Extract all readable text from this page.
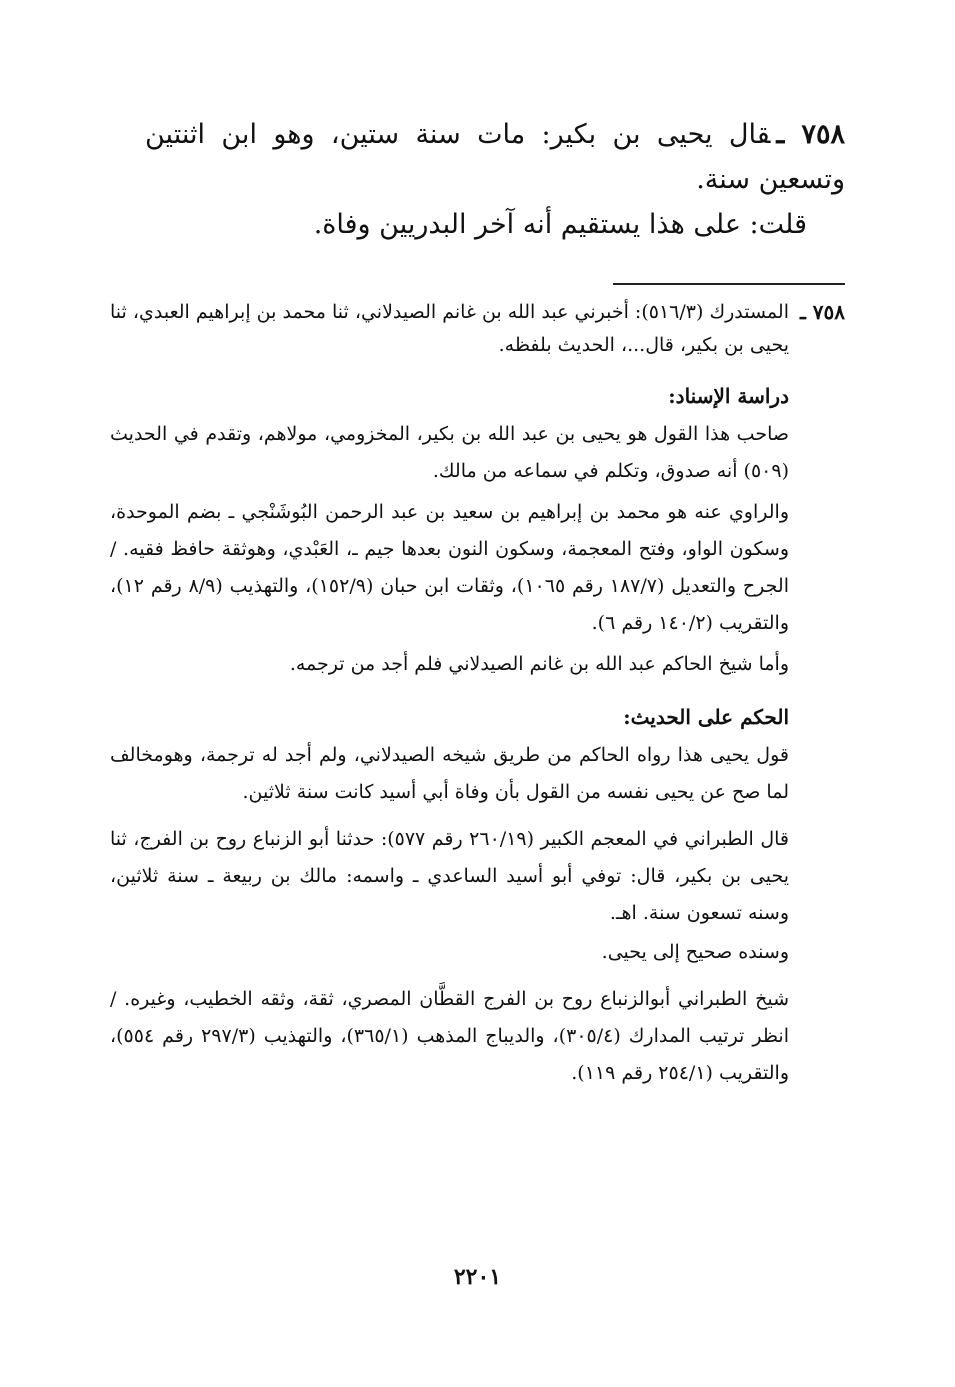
٧٥٨ ـقال يحيى بن بكير: مات سنة ستين، وهو ابن اثنتين وتسعين سنة.
قلت: على هذا يستقيم أنه آخر البدريين وفاة.
٧٥٨ ـ
المستدرك (٥١٦/٣): أخبرني عبد الله بن غانم الصيدلاني، ثنا محمد بن إبراهيم العبدي، ثنا يحيى بن بكير، قال...، الحديث بلفظه.
دراسة الإسناد:

صاحب هذا القول هو يحيى بن عبد الله بن بكير، المخزومي، مولاهم، وتقدم في الحديث (٥٠٩) أنه صدوق، وتكلم في سماعه من مالك.

والراوي عنه هو محمد بن إبراهيم بن سعيد بن عبد الرحمن البُوشَنْجي ـ بضم الموحدة، وسكون الواو، وفتح المعجمة، وسكون النون بعدها جيم ـ، العَبْدي، وهوثقة حافظ فقيه. / الجرح والتعديل (١٨٧/٧ رقم ١٠٦٥)، وثقات ابن حبان (١٥٢/٩)، والتهذيب (٨/٩ رقم ١٢)، والتقريب (١٤٠/٢ رقم ٦).

وأما شيخ الحاكم عبد الله بن غانم الصيدلاني فلم أجد من ترجمه.

الحكم على الحديث:

قول يحيى هذا رواه الحاكم من طريق شيخه الصيدلاني، ولم أجد له ترجمة، وهومخالف لما صح عن يحيى نفسه من القول بأن وفاة أبي أسيد كانت سنة ثلاثين.

قال الطبراني في المعجم الكبير (٢٦٠/١٩ رقم ٥٧٧): حدثنا أبو الزنباع روح بن الفرج، ثنا يحيى بن بكير، قال: توفي أبو أسيد الساعدي ـ واسمه: مالك بن ربيعة ـ سنة ثلاثين، وسنه تسعون سنة. اهـ.

وسنده صحيح إلى يحيى.

شيخ الطبراني أبوالزنباع روح بن الفرج القطَّان المصري، ثقة، وثقه الخطيب، وغيره. / انظر ترتيب المدارك (٣٠٥/٤)، والديباج المذهب (٣٦٥/١)، والتهذيب (٢٩٧/٣ رقم ٥٥٤)، والتقريب (٢٥٤/١ رقم ١١٩).

٢٢٠١
